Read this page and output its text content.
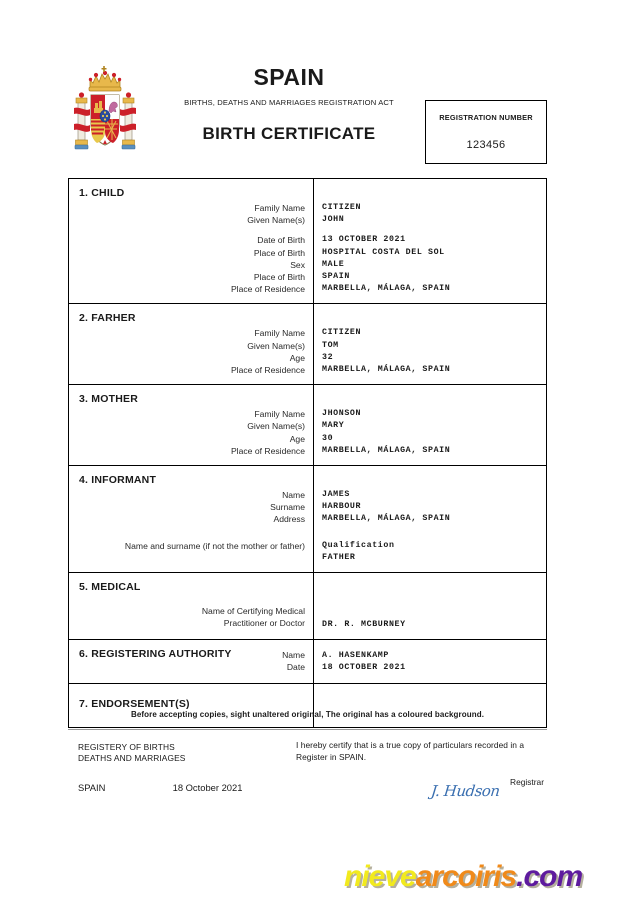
SPAIN
BIRTHS, DEATHS AND MARRIAGES REGISTRATION ACT
BIRTH CERTIFICATE
REGISTRATION NUMBER
123456
1. CHILD
Family Name
Given Name(s)
Date of Birth
Place of Birth
Sex
Place of Birth
Place of Residence
CITIZEN
JOHN
13 OCTOBER 2021
HOSPITAL COSTA DEL SOL
MALE
SPAIN
MARBELLA, MÁLAGA, SPAIN
2. FARHER
Family Name
Given Name(s)
Age
Place of Residence
CITIZEN
TOM
32
MARBELLA, MÁLAGA, SPAIN
3. MOTHER
Family Name
Given Name(s)
Age
Place of Residence
JHONSON
MARY
30
MARBELLA, MÁLAGA, SPAIN
4. INFORMANT
Name
Surname
Address
Name and surname (if not the mother or father)
JAMES
HARBOUR
MARBELLA, MÁLAGA, SPAIN
Qualification
FATHER
5. MEDICAL
Name of Certifying Medical
Practitioner or Doctor DR. R. MCBURNEY
6. REGISTERING AUTHORITY	Name
Date
A. HASENKAMP
18 OCTOBER 2021
7. ENDORSEMENT(S)

Before accepting copies, sight unaltered original, The original has a coloured background.
REGISTERY OF BIRTHS
DEATHS AND MARRIAGES
SPAIN	18 October 2021
I hereby certify that is a true copy of particulars recorded in a
Register in SPAIN.
Registrar
J. Hudson
nievearcoiris.com
